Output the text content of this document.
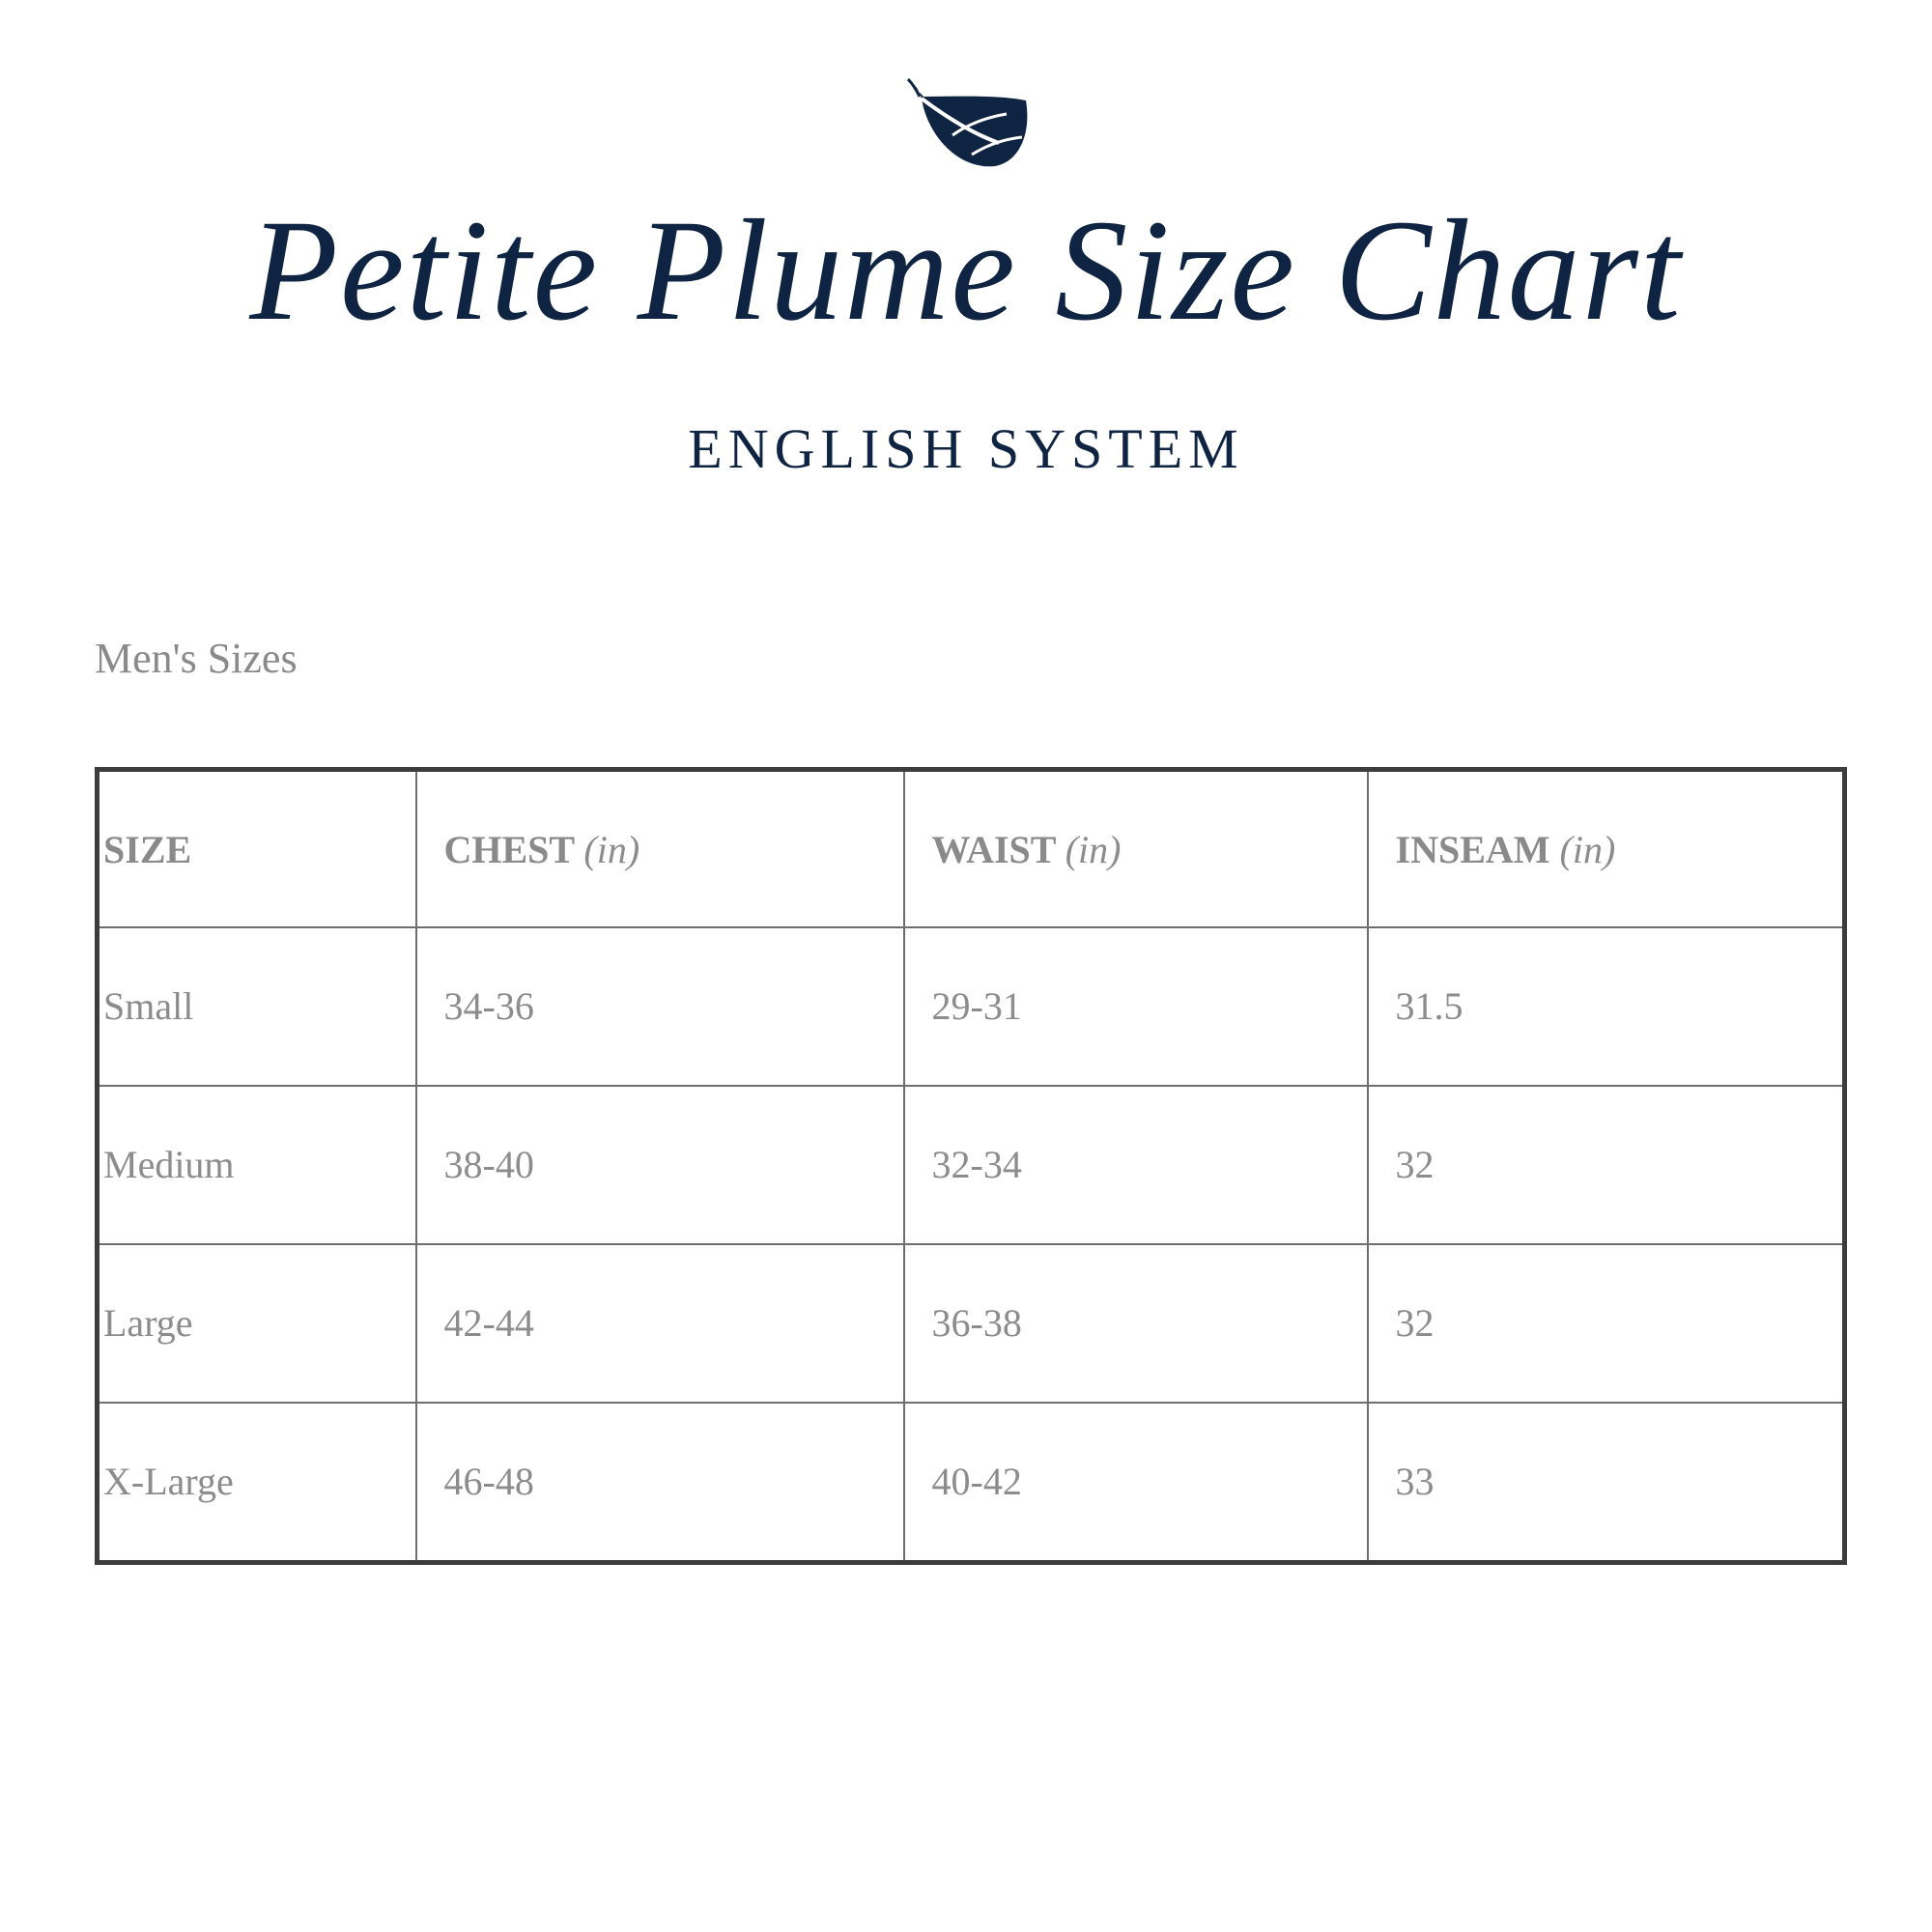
Petite Plume Size Chart
ENGLISH SYSTEM
Men's Sizes
SIZE	CHEST (in)	WAIST (in)	INSEAM (in)
Small	34-36	29-31	31.5
Medium	38-40	32-34	32
Large	42-44	36-38	32
X-Large	46-48	40-42	33
